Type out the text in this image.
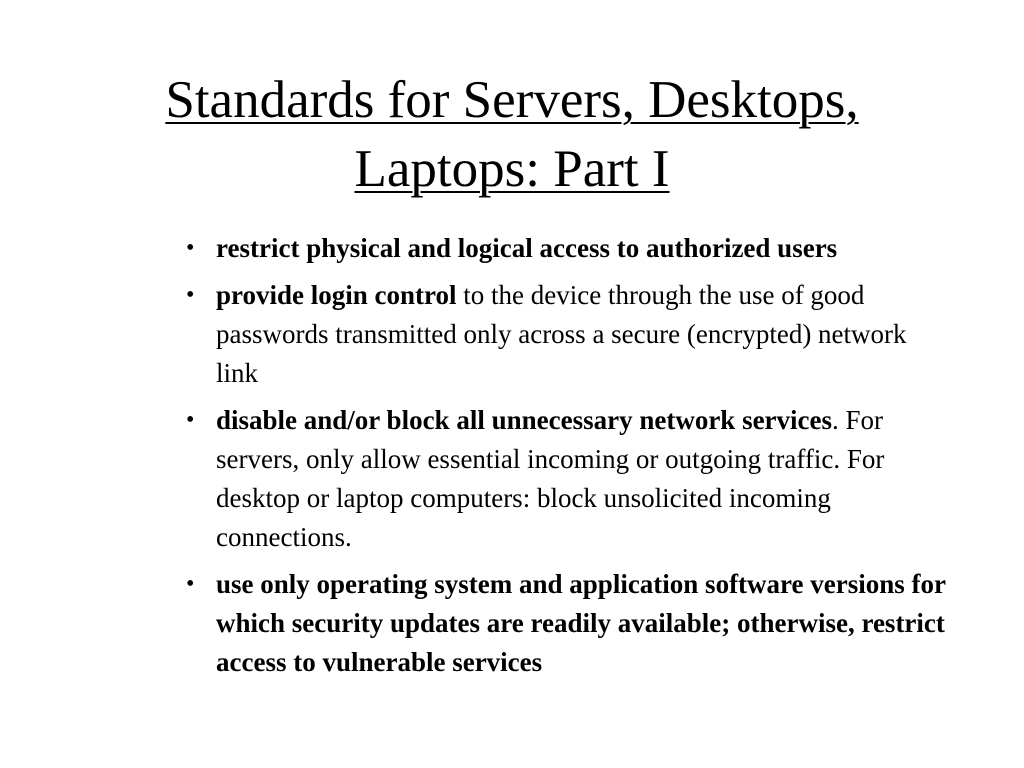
Standards for Servers, Desktops,
Laptops: Part I
• restrict physical and logical access to authorized users
• provide login control to the device through the use of good passwords transmitted only across a secure (encrypted) network link
• disable and/or block all unnecessary network services. For servers, only allow essential incoming or outgoing traffic. For desktop or laptop computers: block unsolicited incoming connections.
• use only operating system and application software versions for which security updates are readily available; otherwise, restrict access to vulnerable services
